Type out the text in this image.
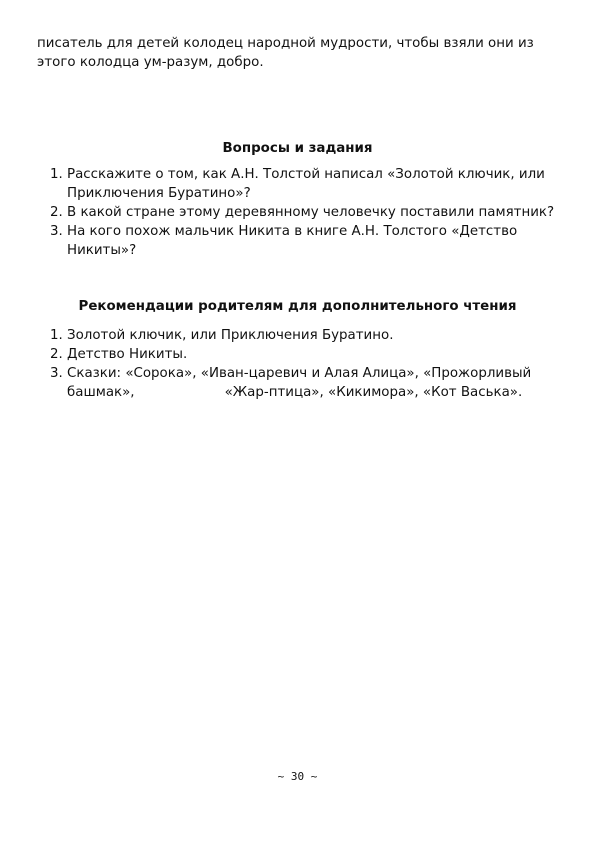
писатель для детей колодец народной мудрости, чтобы взяли они из этого колодца ум-разум, добро.

Вопросы и задания
1. Расскажите о том, как А.Н. Толстой написал «Золотой ключик, или Приключения Буратино»?
2. В какой стране этому деревянному человечку поставили памятник?
3. На кого похож мальчик Никита в книге А.Н. Толстого «Детство Никиты»?
Рекомендации родителям для дополнительного чтения
1. Золотой ключик, или Приключения Буратино.
2. Детство Никиты.
3. Сказки: «Сорока», «Иван-царевич и Алая Алица», «Прожорливый башмак»,	«Жар-птица», «Кикимора», «Кот Васька».
~ 30 ~
